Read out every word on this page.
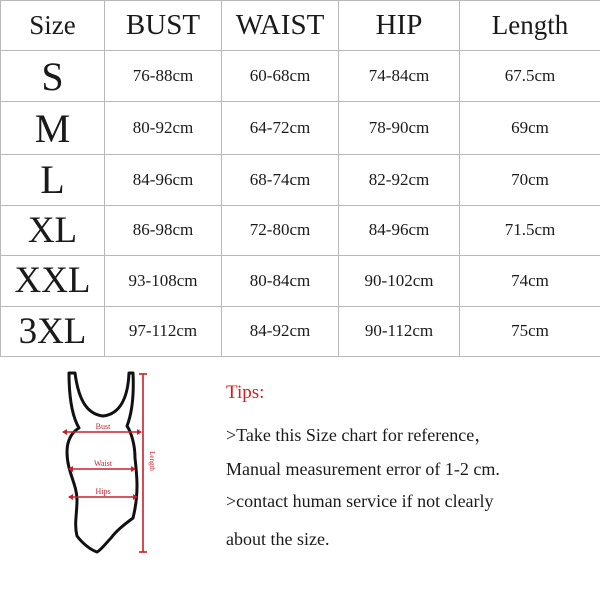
Size	BUST	WAIST	HIP	Length
S	76-88cm	60-68cm	74-84cm	67.5cm
M	80-92cm	64-72cm	78-90cm	69cm
L	84-96cm	68-74cm	82-92cm	70cm
XL	86-98cm	72-80cm	84-96cm	71.5cm
XXL	93-108cm	80-84cm	90-102cm	74cm
3XL	97-112cm	84-92cm	90-112cm	75cm
Bust
Waist
Hips
Length
Tips:
>Take this Size chart for reference，
Manual measurement error of 1-2 cm.
>contact human service if not clearly
about the size.
